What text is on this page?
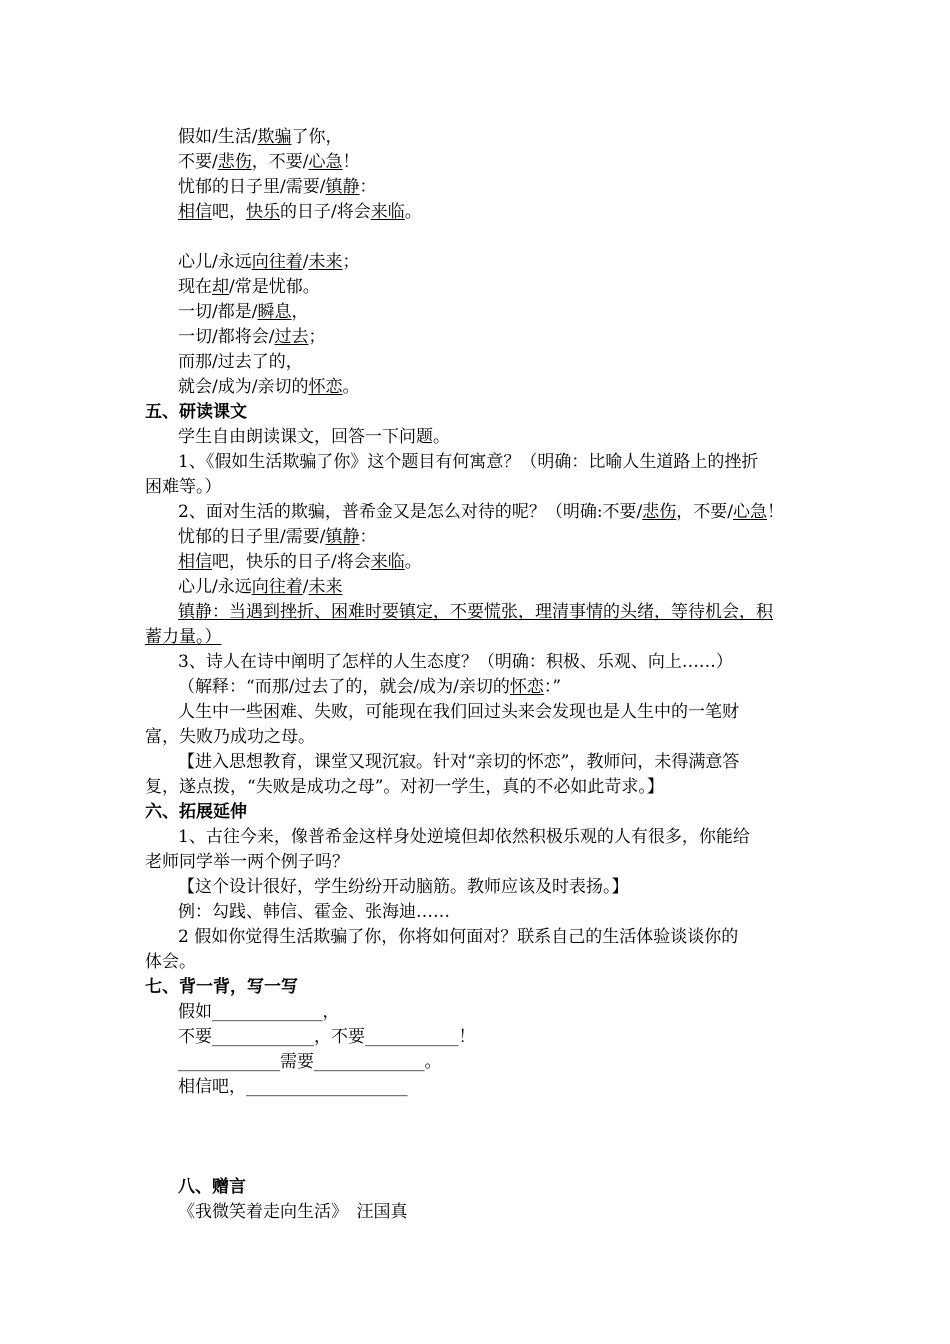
假如/生活/欺骗了你，
不要/悲伤，不要/心急！
忧郁的日子里/需要/镇静：
相信吧，快乐的日子/将会来临。
心儿/永远向往着/未来；
现在却/常是忧郁。
一切/都是/瞬息，
一切/都将会/过去；
而那/过去了的，
就会/成为/亲切的怀恋。
五、研读课文
学生自由朗读课文，回答一下问题。
1、《假如生活欺骗了你》这个题目有何寓意？（明确：比喻人生道路上的挫折
困难等。）
2、面对生活的欺骗，普希金又是怎么对待的呢？（明确:不要/悲伤，不要/心急！
忧郁的日子里/需要/镇静：
相信吧，快乐的日子/将会来临。
心儿/永远向往着/未来
镇静：当遇到挫折、困难时要镇定，不要慌张，理清事情的头绪，等待机会，积
蓄力量。）
3、诗人在诗中阐明了怎样的人生态度？（明确：积极、乐观、向上……）
（解释：“而那/过去了的，就会/成为/亲切的怀恋：”
人生中一些困难、失败，可能现在我们回过头来会发现也是人生中的一笔财
富，失败乃成功之母。
【进入思想教育，课堂又现沉寂。针对“亲切的怀恋”，教师问，未得满意答
复，遂点拨，“失败是成功之母”。对初一学生，真的不必如此苛求。】
六、拓展延伸
1、古往今来，像普希金这样身处逆境但却依然积极乐观的人有很多，你能给
老师同学举一两个例子吗？
【这个设计很好，学生纷纷开动脑筋。教师应该及时表扬。】
例：勾践、韩信、霍金、张海迪……
2 假如你觉得生活欺骗了你，你将如何面对？联系自己的生活体验谈谈你的
体会。
七、背一背，写一写
假如_____________，
不要____________，不要___________！
____________需要_____________。
相信吧，___________________
八、赠言
《我微笑着走向生活》　汪国真
